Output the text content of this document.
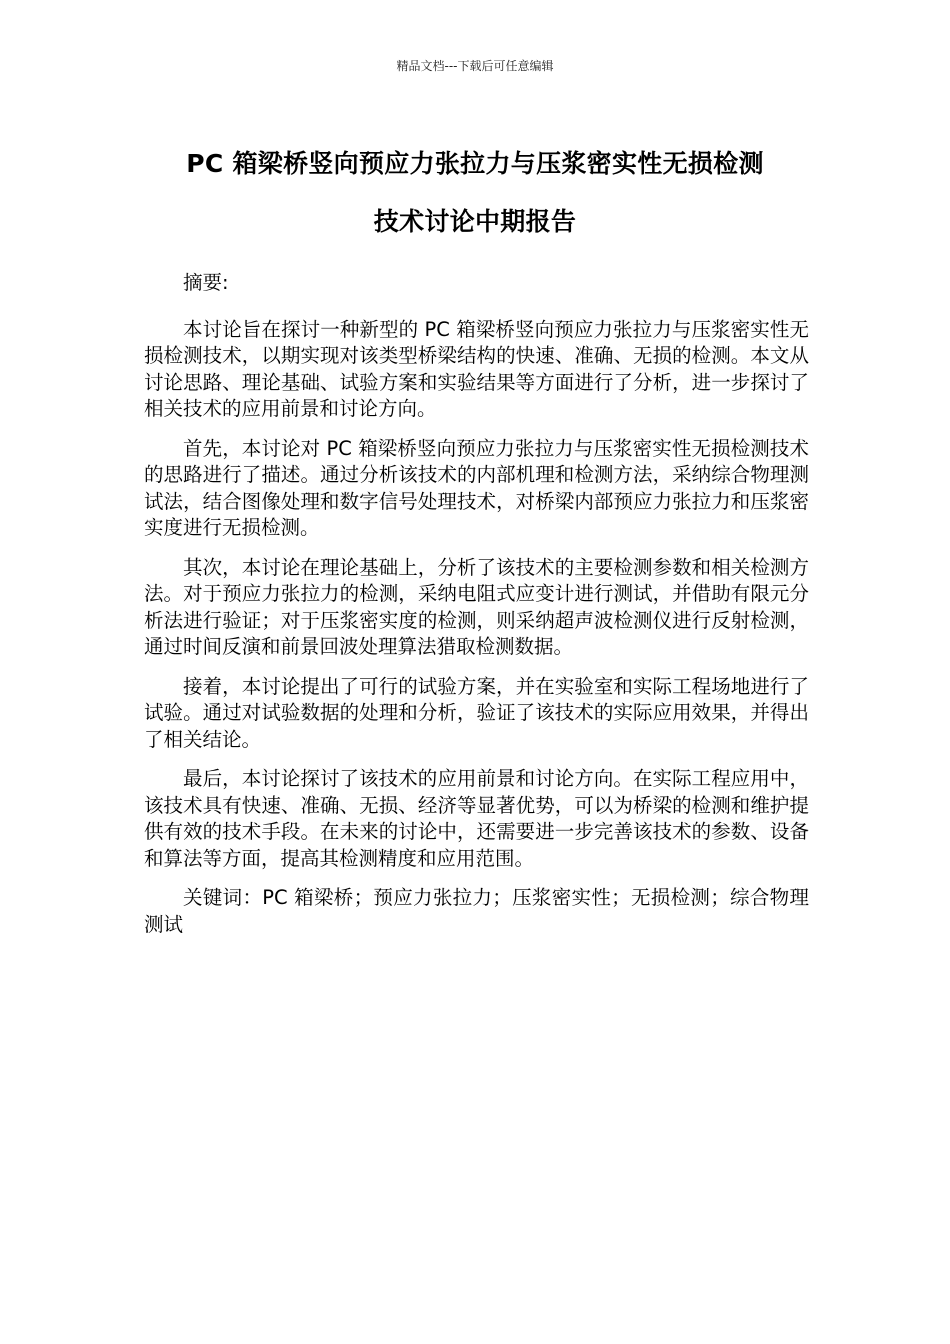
精品文档---下载后可任意编辑
PC 箱梁桥竖向预应力张拉力与压浆密实性无损检测
技术讨论中期报告

摘要:

本讨论旨在探讨一种新型的 PC 箱梁桥竖向预应力张拉力与压浆密实性无损检测技术，以期实现对该类型桥梁结构的快速、准确、无损的检测。本文从讨论思路、理论基础、试验方案和实验结果等方面进行了分析，进一步探讨了相关技术的应用前景和讨论方向。

首先，本讨论对 PC 箱梁桥竖向预应力张拉力与压浆密实性无损检测技术的思路进行了描述。通过分析该技术的内部机理和检测方法，采纳综合物理测试法，结合图像处理和数字信号处理技术，对桥梁内部预应力张拉力和压浆密实度进行无损检测。

其次，本讨论在理论基础上，分析了该技术的主要检测参数和相关检测方法。对于预应力张拉力的检测，采纳电阻式应变计进行测试，并借助有限元分析法进行验证；对于压浆密实度的检测，则采纳超声波检测仪进行反射检测，通过时间反演和前景回波处理算法猎取检测数据。

接着，本讨论提出了可行的试验方案，并在实验室和实际工程场地进行了试验。通过对试验数据的处理和分析，验证了该技术的实际应用效果，并得出了相关结论。

最后，本讨论探讨了该技术的应用前景和讨论方向。在实际工程应用中，该技术具有快速、准确、无损、经济等显著优势，可以为桥梁的检测和维护提供有效的技术手段。在未来的讨论中，还需要进一步完善该技术的参数、设备和算法等方面，提高其检测精度和应用范围。

关键词：PC 箱梁桥；预应力张拉力；压浆密实性；无损检测；综合物理测试
